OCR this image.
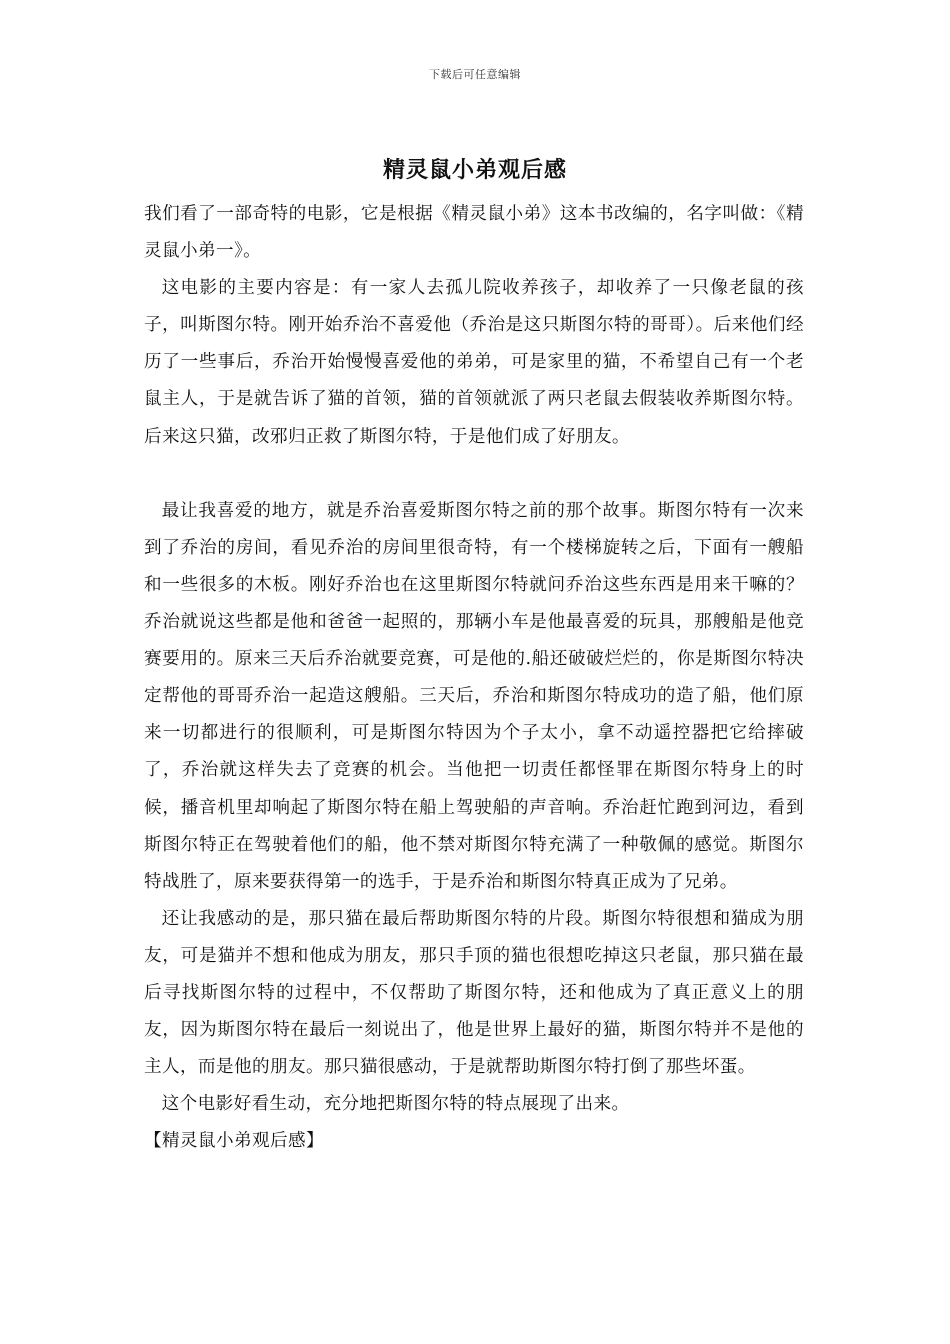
下载后可任意编辑
精灵鼠小弟观后感

我们看了一部奇特的电影，它是根据《精灵鼠小弟》这本书改编的，名字叫做：《精灵鼠小弟一》。

这电影的主要内容是：有一家人去孤儿院收养孩子，却收养了一只像老鼠的孩子，叫斯图尔特。刚开始乔治不喜爱他（乔治是这只斯图尔特的哥哥）。后来他们经历了一些事后，乔治开始慢慢喜爱他的弟弟，可是家里的猫，不希望自己有一个老鼠主人，于是就告诉了猫的首领，猫的首领就派了两只老鼠去假装收养斯图尔特。后来这只猫，改邪归正救了斯图尔特，于是他们成了好朋友。

最让我喜爱的地方，就是乔治喜爱斯图尔特之前的那个故事。斯图尔特有一次来到了乔治的房间，看见乔治的房间里很奇特，有一个楼梯旋转之后，下面有一艘船和一些很多的木板。刚好乔治也在这里斯图尔特就问乔治这些东西是用来干嘛的？乔治就说这些都是他和爸爸一起照的，那辆小车是他最喜爱的玩具，那艘船是他竞赛要用的。原来三天后乔治就要竞赛，可是他的.船还破破烂烂的，你是斯图尔特决定帮他的哥哥乔治一起造这艘船。三天后，乔治和斯图尔特成功的造了船，他们原来一切都进行的很顺利，可是斯图尔特因为个子太小，拿不动遥控器把它给摔破了，乔治就这样失去了竞赛的机会。当他把一切责任都怪罪在斯图尔特身上的时候，播音机里却响起了斯图尔特在船上驾驶船的声音响。乔治赶忙跑到河边，看到斯图尔特正在驾驶着他们的船，他不禁对斯图尔特充满了一种敬佩的感觉。斯图尔特战胜了，原来要获得第一的选手，于是乔治和斯图尔特真正成为了兄弟。

还让我感动的是，那只猫在最后帮助斯图尔特的片段。斯图尔特很想和猫成为朋友，可是猫并不想和他成为朋友，那只手顶的猫也很想吃掉这只老鼠，那只猫在最后寻找斯图尔特的过程中，不仅帮助了斯图尔特，还和他成为了真正意义上的朋友，因为斯图尔特在最后一刻说出了，他是世界上最好的猫，斯图尔特并不是他的主人，而是他的朋友。那只猫很感动，于是就帮助斯图尔特打倒了那些坏蛋。

这个电影好看生动，充分地把斯图尔特的特点展现了出来。

【精灵鼠小弟观后感】
